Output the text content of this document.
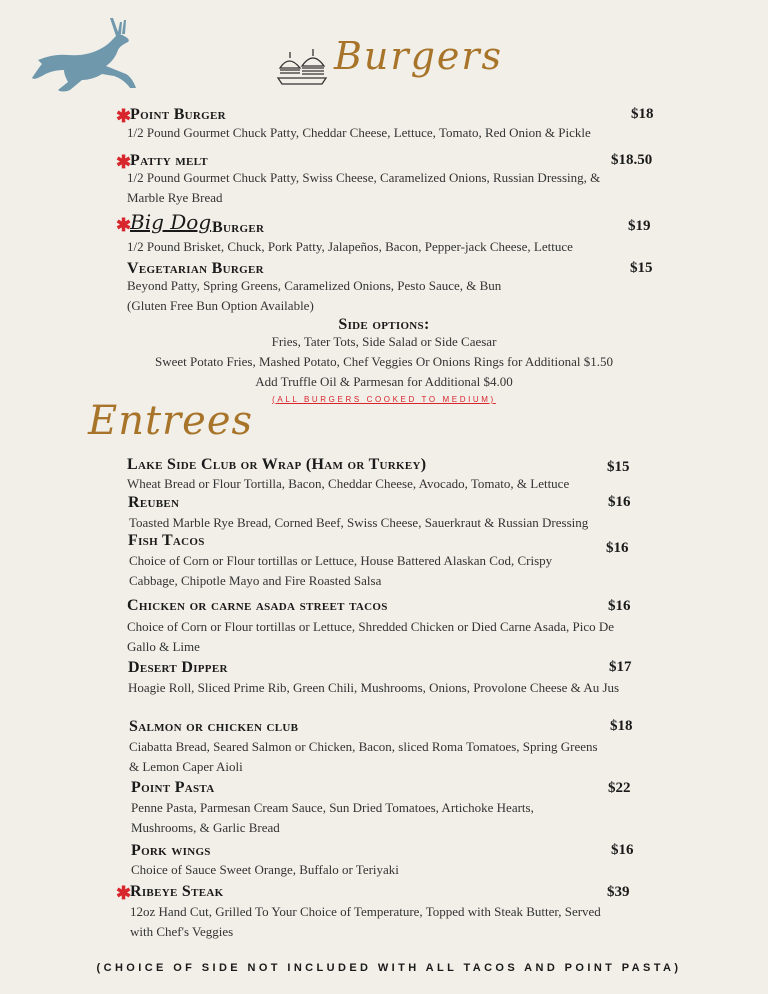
Burgers
✱
Point Burger	$18
1/2 Pound Gourmet Chuck Patty, Cheddar Cheese, Lettuce, Tomato, Red Onion & Pickle
✱
Patty melt	$18.50
1/2 Pound Gourmet Chuck Patty, Swiss Cheese, Caramelized Onions, Russian Dressing, & Marble Rye Bread
✱
Big Dog Burger	$19
1/2 Pound Brisket, Chuck, Pork Patty, Jalapeños, Bacon, Pepper-jack Cheese, Lettuce
Vegetarian Burger	$15
Beyond Patty, Spring Greens, Caramelized Onions, Pesto Sauce, & Bun
(Gluten Free Bun Option Available)
Side options:
Fries, Tater Tots, Side Salad or Side Caesar
Sweet Potato Fries, Mashed Potato, Chef Veggies Or Onions Rings for Additional $1.50
Add Truffle Oil & Parmesan for Additional $4.00
(ALL BURGERS COOKED TO MEDIUM)
Entrees
Lake Side Club or Wrap (Ham or Turkey)	$15
Wheat Bread or Flour Tortilla, Bacon, Cheddar Cheese, Avocado, Tomato, & Lettuce
Reuben	$16
Toasted Marble Rye Bread, Corned Beef, Swiss Cheese, Sauerkraut & Russian Dressing
Fish Tacos	$16
Choice of Corn or Flour tortillas or Lettuce, House Battered Alaskan Cod, Crispy Cabbage, Chipotle Mayo and Fire Roasted Salsa
Chicken or carne asada street tacos	$16
Choice of Corn or Flour tortillas or Lettuce, Shredded Chicken or Died Carne Asada, Pico De Gallo & Lime
Desert Dipper	$17
Hoagie Roll, Sliced Prime Rib, Green Chili, Mushrooms, Onions, Provolone Cheese & Au Jus
Salmon or chicken club	$18
Ciabatta Bread, Seared Salmon or Chicken, Bacon, sliced Roma Tomatoes, Spring Greens & Lemon Caper Aioli
Point Pasta	$22
Penne Pasta, Parmesan Cream Sauce, Sun Dried Tomatoes, Artichoke Hearts, Mushrooms, & Garlic Bread
Pork wings	$16
Choice of Sauce Sweet Orange, Buffalo or Teriyaki
✱
Ribeye Steak	$39
12oz Hand Cut, Grilled To Your Choice of Temperature, Topped with Steak Butter, Served with Chef's Veggies
(CHOICE OF SIDE NOT INCLUDED WITH ALL TACOS AND POINT PASTA)
